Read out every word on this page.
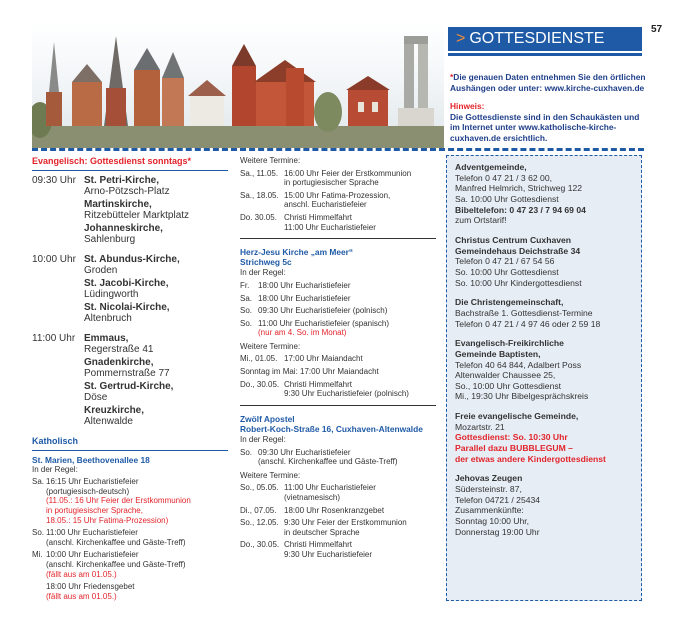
> GOTTESDIENSTE
57
*Die genauen Daten entnehmen Sie den örtlichen Aushängen oder unter: www.kirche-cuxhaven.de
Hinweis:
Die Gottesdienste sind in den Schaukästen und im Internet unter www.katholische-kirche-cuxhaven.de ersichtlich.
Evangelisch: Gottesdienst sonntags*
09:30 Uhr St. Petri-Kirche,
Arno-Pötzsch-Platz
Martinskirche,
Ritzebütteler Marktplatz
Johanneskirche,
Sahlenburg
10:00 Uhr St. Abundus-Kirche,
Groden
St. Jacobi-Kirche,
Lüdingworth
St. Nicolai-Kirche,
Altenbruch
11:00 Uhr Emmaus,
Regerstraße 41
Gnadenkirche,
Pommernstraße 77
St. Gertrud-Kirche,
Döse
Kreuzkirche,
Altenwalde
Katholisch
St. Marien, Beethovenallee 18
In der Regel:
Sa. 16:15 Uhr Eucharistiefeier
(portugiesisch-deutsch)
(11.05.: 16 Uhr Feier der Erstkommunion
in portugiesischer Sprache,
18.05.: 15 Uhr Fatima-Prozession)
So. 11:00 Uhr Eucharistiefeier
(anschl. Kirchenkaffee und Gäste-Treff)
Mi. 10:00 Uhr Eucharistiefeier
(anschl. Kirchenkaffee und Gäste-Treff)
(fällt aus am 01.05.)
18:00 Uhr Friedensgebet
(fällt aus am 01.05.)
Weitere Termine:
Sa., 11.05. 16:00 Uhr Feier der Erstkommunion
in portugiesischer Sprache
Sa., 18.05. 15:00 Uhr Fatima-Prozession,
anschl. Eucharistiefeier
Do. 30.05. Christi Himmelfahrt
11:00 Uhr Eucharistiefeier
Herz-Jesu Kirche „am Meer“
Strichweg 5c
In der Regel:
Fr.	18:00 Uhr Eucharistiefeier
Sa. 18:00 Uhr Eucharistiefeier
So. 09:30 Uhr Eucharistiefeier (polnisch)
So. 11:00 Uhr Eucharistiefeier (spanisch)
(nur am 4. So. im Monat)
Weitere Termine:
Mi., 01.05. 17:00 Uhr Maiandacht
Sonntag im Mai: 17:00 Uhr Maiandacht
Do., 30.05. Christi Himmelfahrt
9:30 Uhr Eucharistiefeier (polnisch)
Zwölf Apostel
Robert-Koch-Straße 16, Cuxhaven-Altenwalde
In der Regel:
So. 09:30 Uhr Eucharistiefeier
(anschl. Kirchenkaffee und Gäste-Treff)
Weitere Termine:
So., 05.05. 11:00 Uhr Eucharistiefeier
(vietnamesisch)
Di., 07.05. 18:00 Uhr Rosenkranzgebet
So., 12.05. 9:30 Uhr Feier der Erstkommunion
in deutscher Sprache
Do., 30.05. Christi Himmelfahrt
9:30 Uhr Eucharistiefeier
Adventgemeinde,
Telefon 0 47 21 / 3 62 00,
Manfred Helmrich, Strichweg 122
Sa. 10:00 Uhr Gottesdienst
Bibeltelefon: 0 47 23 / 7 94 69 04
zum Ortstarif!
Christus Centrum Cuxhaven
Gemeindehaus Deichstraße 34
Telefon 0 47 21 / 67 54 56
So. 10:00 Uhr Gottesdienst
So. 10:00 Uhr Kindergottesdienst
Die Christengemeinschaft,
Bachstraße 1. Gottesdienst-Termine
Telefon 0 47 21 / 4 97 46 oder 2 59 18
Evangelisch-Freikirchliche
Gemeinde Baptisten,
Telefon 40 64 844, Adalbert Poss
Altenwalder Chaussee 25,
So., 10:00 Uhr Gottesdienst
Mi., 19:30 Uhr Bibelgesprächskreis
Freie evangelische Gemeinde,
Mozartstr. 21
Gottesdienst: So. 10:30 Uhr
Parallel dazu BUBBLEGUM –
der etwas andere Kindergottesdienst
Jehovas Zeugen
Südersteinstr. 87,
Telefon 04721 / 25434
Zusammenkünfte:
Sonntag 10:00 Uhr,
Donnerstag 19:00 Uhr
